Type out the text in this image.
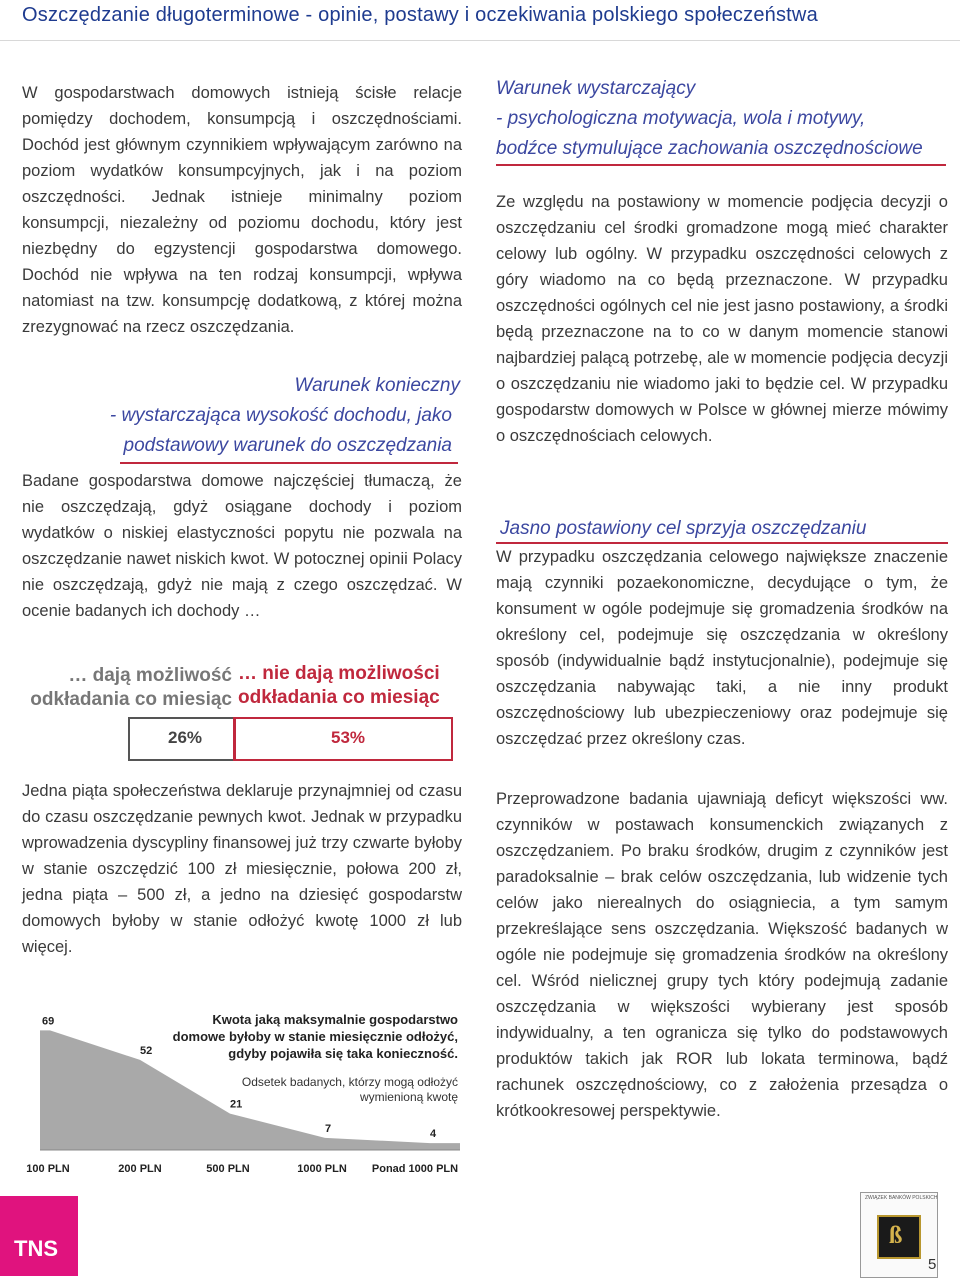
Oszczędzanie długoterminowe - opinie, postawy i oczekiwania polskiego społeczeństwa

W gospodarstwach domowych istnieją ścisłe relacje pomiędzy dochodem, konsumpcją i oszczędnościami. Dochód jest głównym czynnikiem wpływającym zarówno na poziom wydatków konsumpcyjnych, jak i na poziom oszczędności. Jednak istnieje minimalny poziom konsumpcji, niezależny od poziomu dochodu, który jest niezbędny do egzystencji gospodarstwa domowego. Dochód nie wpływa na ten rodzaj konsumpcji, wpływa natomiast na tzw. konsumpcję dodatkową, z której można zrezygnować na rzecz oszczędzania.

Warunek konieczny
- wystarczająca wysokość dochodu, jako
podstawowy warunek do oszczędzania

Badane gospodarstwa domowe najczęściej tłumaczą, że nie oszczędzają, gdyż osiągane dochody i poziom wydatków o niskiej elastyczności popytu nie pozwala na oszczędzanie nawet niskich kwot. W potocznej opinii Polacy nie oszczędzają, gdyż nie mają z czego oszczędzać. W ocenie badanych ich dochody …

… dają możliwość
odkładania co miesiąc
… nie dają możliwości
odkładania co miesiąc
26%	53%

Jedna piąta społeczeństwa deklaruje przynajmniej od czasu do czasu oszczędzanie pewnych kwot. Jednak w przypadku wprowadzenia dyscypliny finansowej już trzy czwarte byłoby w stanie oszczędzić 100 zł miesięcznie, połowa 200 zł, jedna piąta – 500 zł, a jedno na dziesięć gospodarstw domowych byłoby w stanie odłożyć kwotę 1000 zł lub więcej.

69
52
21
7	4
100 PLN	200 PLN	500 PLN	1000 PLN Ponad 1000 PLN
Kwota jaką maksymalnie gospodarstwo domowe byłoby w stanie miesięcznie odłożyć, gdyby pojawiła się taka konieczność.
Odsetek badanych, którzy mogą odłożyć wymienioną kwotę
Warunek wystarczający
- psychologiczna motywacja, wola i motywy,
bodźce stymulujące zachowania oszczędnościowe

Ze względu na postawiony w momencie podjęcia decyzji o oszczędzaniu cel środki gromadzone mogą mieć charakter celowy lub ogólny. W przypadku oszczędności celowych z góry wiadomo na co będą przeznaczone. W przypadku oszczędności ogólnych cel nie jest jasno postawiony, a środki będą przeznaczone na to co w danym momencie stanowi najbardziej palącą potrzebę, ale w momencie podjęcia decyzji o oszczędzaniu nie wiadomo jaki to będzie cel. W przypadku gospodarstw domowych w Polsce w głównej mierze mówimy o oszczędnościach celowych.

Jasno postawiony cel sprzyja oszczędzaniu

W przypadku oszczędzania celowego największe znaczenie mają czynniki pozaekonomiczne, decydujące o tym, że konsument w ogóle podejmuje się gromadzenia środków na określony cel, podejmuje się oszczędzania w określony sposób (indywidualnie bądź instytucjonalnie), podejmuje się oszczędzania nabywając taki, a nie inny produkt oszczędnościowy lub ubezpieczeniowy oraz podejmuje się oszczędzać przez określony czas.

Przeprowadzone badania ujawniają deficyt większości ww. czynników w postawach konsumenckich związanych z oszczędzaniem. Po braku środków, drugim z czynników jest paradoksalnie – brak celów oszczędzania, lub widzenie tych celów jako nierealnych do osiągniecia, a tym samym przekreślające sens oszczędzania. Większość badanych w ogóle nie podejmuje się gromadzenia środków na określony cel. Wśród nielicznej grupy tych który podejmują zadanie oszczędzania w większości wybierany jest sposób indywidualny, a ten ogranicza się tylko do podstawowych produktów takich jak ROR lub lokata terminowa, bądź rachunek oszczędnościowy, co z założenia przesądza o krótkookresowej perspektywie.

TNS
ZWIĄZEK BANKÓW POLSKICH
ß
5
